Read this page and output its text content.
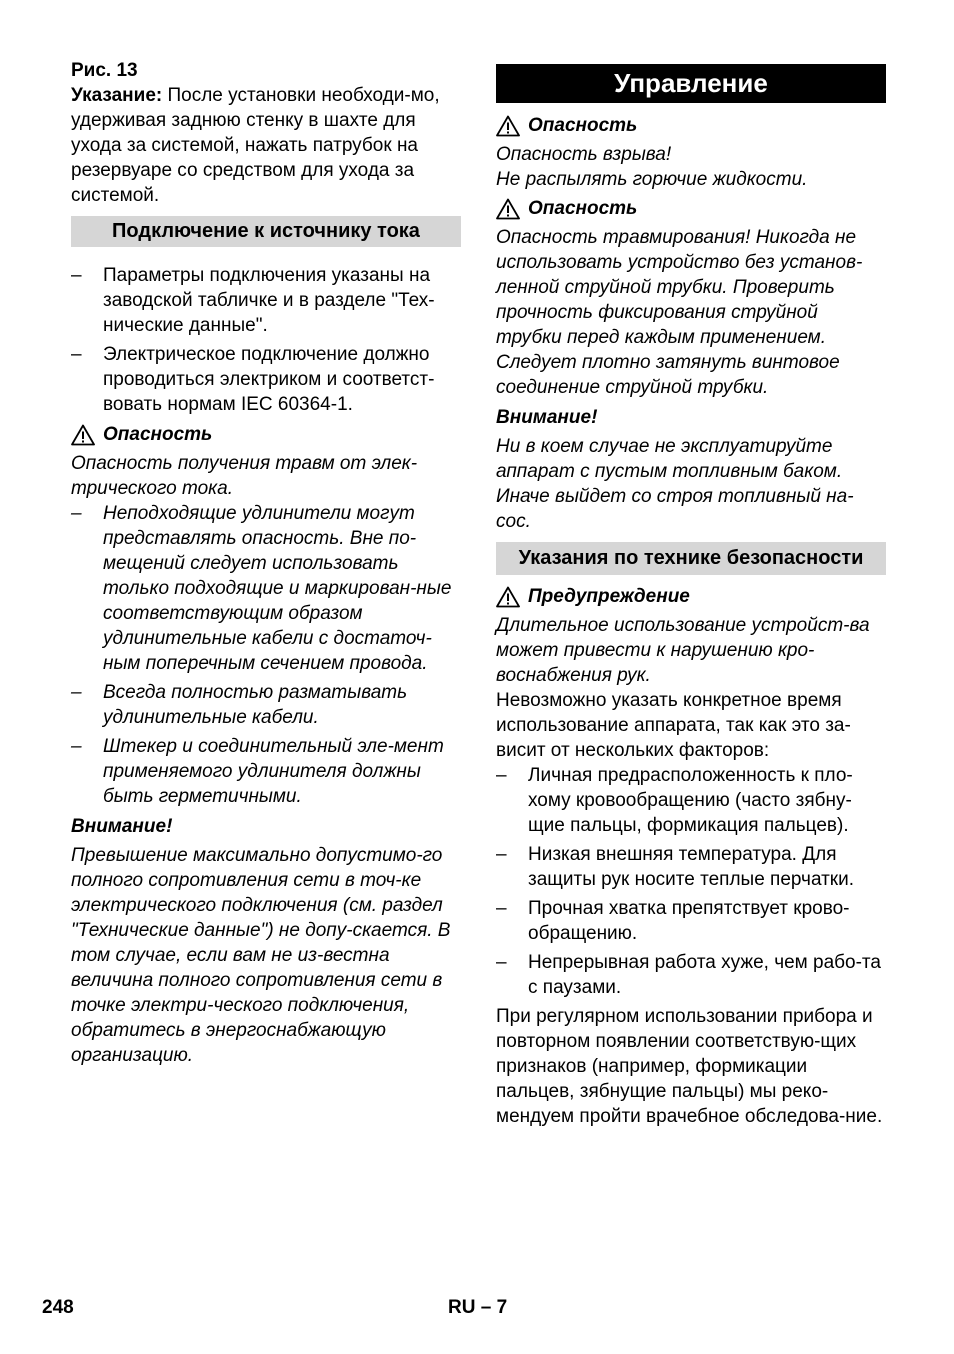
Рис. 13

Указание: После установки необходи-мо, удерживая заднюю стенку в шахте для ухода за системой, нажать патрубок на резервуаре со средством для ухода за системой.

Подключение к источнику тока
– Параметры подключения указаны на заводской табличке и в разделе "Тех-нические данные".
– Электрическое подключение должно проводиться электриком и соответст-вовать нормам IEC 60364-1.
Опасность

Опасность получения травм от элек-трического тока.

– Неподходящие удлинители могут представлять опасность. Вне по-мещений следует использовать только подходящие и маркирован-ные соответствующим образом удлинительные кабели с достаточ-ным поперечным сечением провода.
– Всегда полностью разматывать удлинительные кабели.
– Штекер и соединительный эле-мент применяемого удлинителя должны быть герметичными.

Внимание!

Превышение максимально допустимо-го полного сопротивления сети в точ-ке электрического подключения (см. раздел "Технические данные") не допу-скается. В том случае, если вам не из-вестна величина полного сопротивления сети в точке электри-ческого подключения, обратитесь в энергоснабжающую организацию.

Управление
Опасность

Опасность взрыва!

Не распылять горючие жидкости.

Опасность

Опасность травмирования! Никогда не использовать устройство без установ-ленной струйной трубки. Проверить прочность фиксирования струйной трубки перед каждым применением. Следует плотно затянуть винтовое соединение струйной трубки.

Внимание!

Ни в коем случае не эксплуатируйте аппарат с пустым топливным баком. Иначе выйдет со строя топливный на-сос.

Указания по технике безопасности
Предупреждение

Длительное использование устройст-ва может привести к нарушению кро-воснабжения рук.

Невозможно указать конкретное время использование аппарата, так как это за-висит от нескольких факторов:

– Личная предрасположенность к пло-хому кровообращению (часто зябну-щие пальцы, формикация пальцев).
– Низкая внешняя температура. Для защиты рук носите теплые перчатки.
– Прочная хватка препятствует крово-обращению.
– Непрерывная работа хуже, чем рабо-та с паузами.

При регулярном использовании прибора и повторном появлении соответствую-щих признаков (например, формикации пальцев, зябнущие пальцы) мы реко-мендуем пройти врачебное обследова-ние.

248	RU – 7
